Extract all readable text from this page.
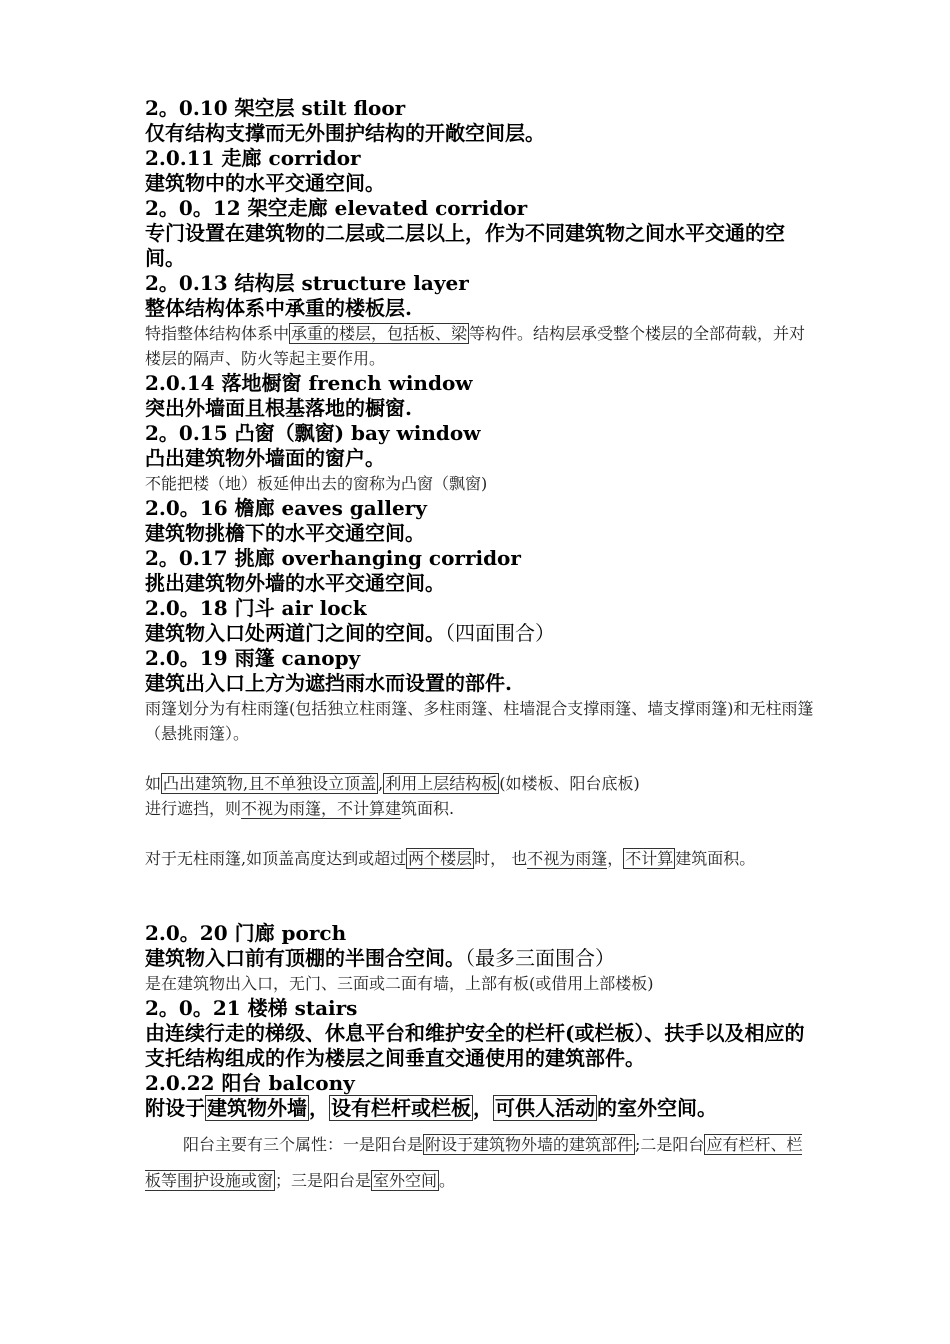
2。0.10 架空层 stilt floor
仅有结构支撑而无外围护结构的开敞空间层。
2.0.11 走廊 corridor
建筑物中的水平交通空间。
2。0。12 架空走廊 elevated corridor
专门设置在建筑物的二层或二层以上，作为不同建筑物之间水平交通的空间。
2。0.13 结构层 structure layer
整体结构体系中承重的楼板层.
特指整体结构体系中 承重的楼层，包括板、梁 等构件。结构层承受整个楼层的全部荷载，并对楼层的隔声、防火等起主要作用。
2.0.14 落地橱窗 french window
突出外墙面且根基落地的橱窗.
2。0.15 凸窗（飘窗) bay window
凸出建筑物外墙面的窗户。
不能把楼（地）板延伸出去的窗称为凸窗（飘窗)
2.0。16 檐廊 eaves gallery
建筑物挑檐下的水平交通空间。
2。0.17 挑廊 overhanging corridor
挑出建筑物外墙的水平交通空间。
2.0。18 门斗 air lock
建筑物入口处两道门之间的空间。（四面围合）
2.0。19 雨篷 canopy
建筑出入口上方为遮挡雨水而设置的部件.
雨篷划分为有柱雨篷(包括独立柱雨篷、多柱雨篷、柱墙混合支撑雨篷、墙支撑雨篷)和无柱雨篷（悬挑雨篷）。
如 凸出建筑物,且不单独设立顶盖 , 利用上层结构板 (如楼板、阳台底板)
进行遮挡，则不视为雨篷，不计算建筑面积.
对于无柱雨篷,如顶盖高度达到或超过 两个楼层 时， 也不视为雨篷， 不计算 建筑面积。
2.0。20 门廊 porch
建筑物入口前有顶棚的半围合空间。（最多三面围合）
是在建筑物出入口，无门、三面或二面有墙，上部有板(或借用上部楼板)
2。0。21 楼梯 stairs
由连续行走的梯级、休息平台和维护安全的栏杆(或栏板）、扶手以及相应的支托结构组成的作为楼层之间垂直交通使用的建筑部件。
2.0.22 阳台 balcony
附设于 建筑物外墙 ， 设有栏杆或栏板 ， 可供人活动 的室外空间。
阳台主要有三个属性：一是阳台是 附设于建筑物外墙的建筑部件 ;二是阳台 应有栏杆、栏板等围护设施或窗 ；三是阳台是 室外空间 。
